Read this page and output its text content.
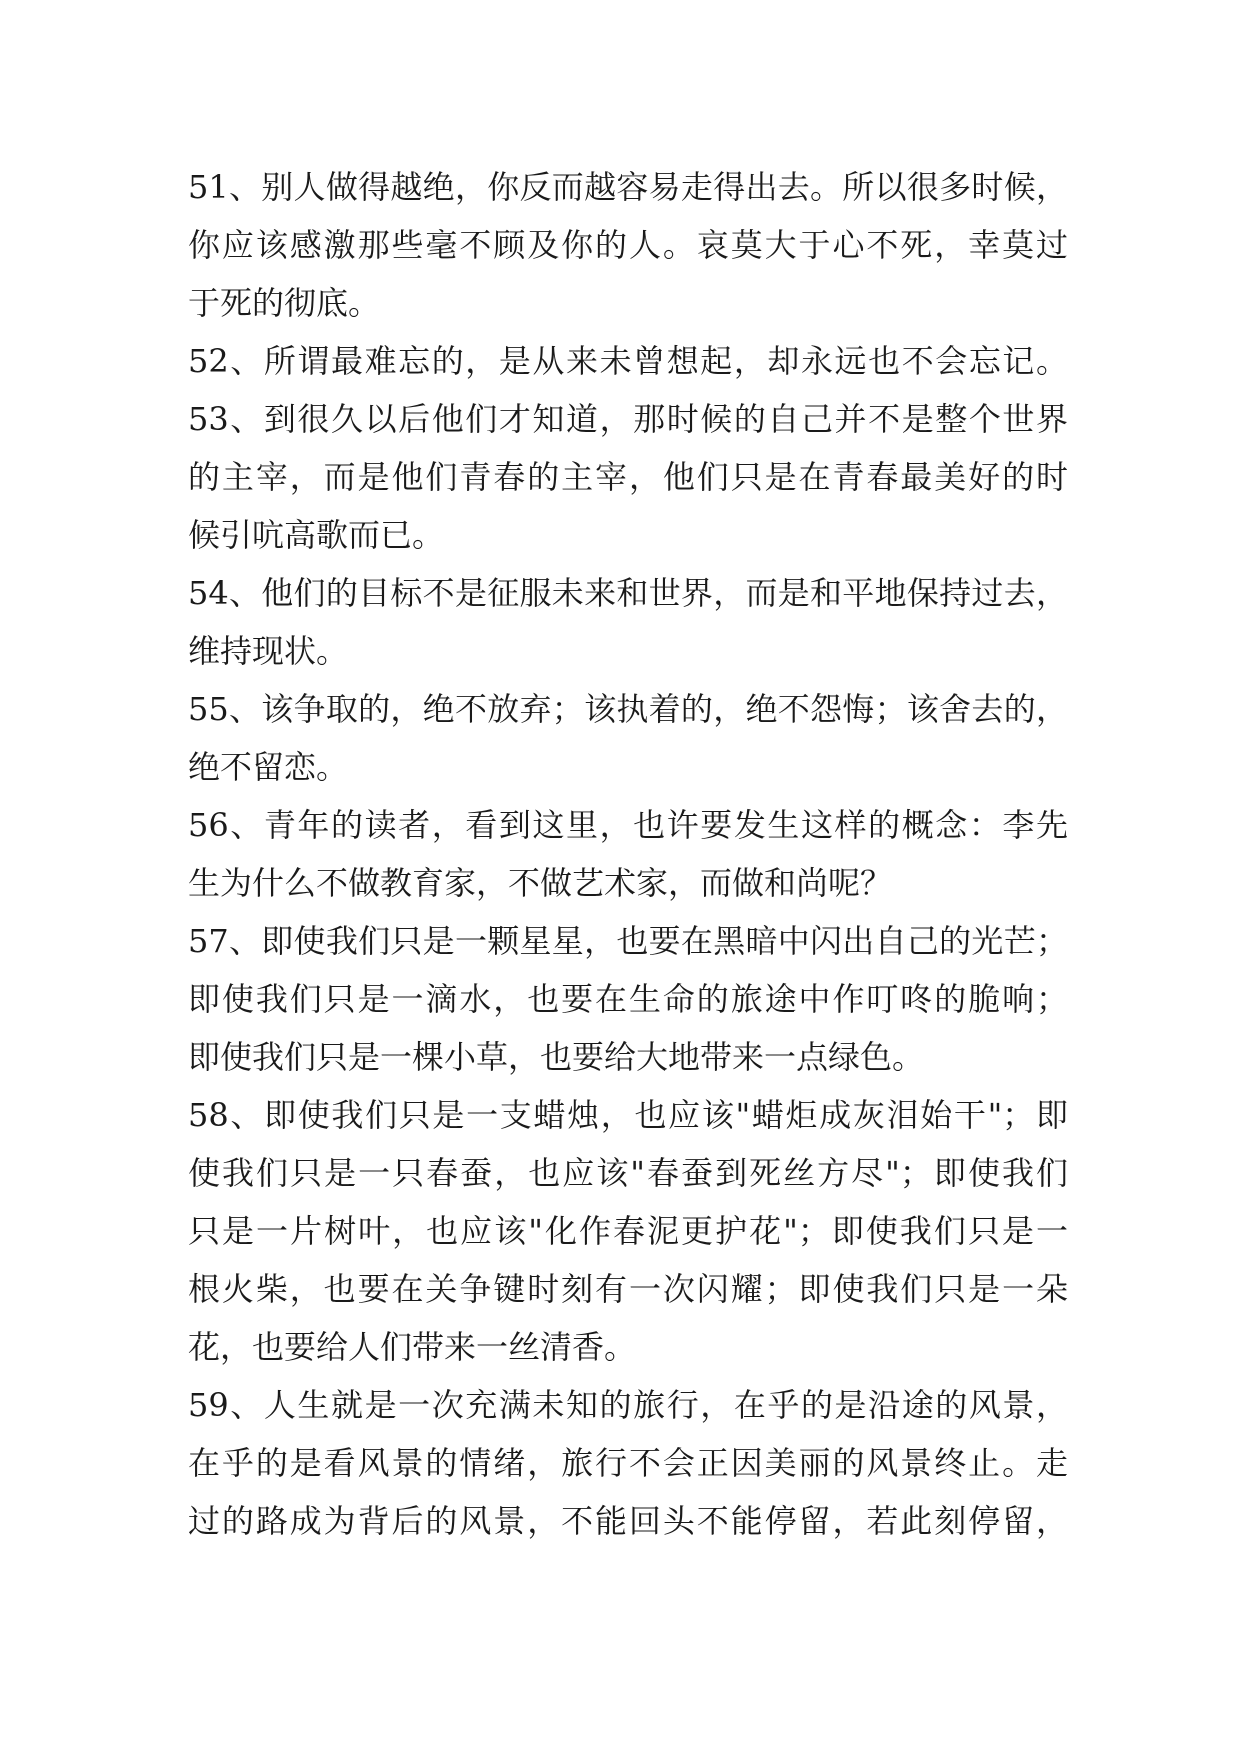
51、别人做得越绝，你反而越容易走得出去。所以很多时候，
你应该感激那些毫不顾及你的人。哀莫大于心不死，幸莫过
于死的彻底。
52、所谓最难忘的，是从来未曾想起，却永远也不会忘记。
53、到很久以后他们才知道，那时候的自己并不是整个世界
的主宰，而是他们青春的主宰，他们只是在青春最美好的时
候引吭高歌而已。
54、他们的目标不是征服未来和世界，而是和平地保持过去，
维持现状。
55、该争取的，绝不放弃；该执着的，绝不怨悔；该舍去的，
绝不留恋。
56、青年的读者，看到这里，也许要发生这样的概念：李先
生为什么不做教育家，不做艺术家，而做和尚呢？
57、即使我们只是一颗星星，也要在黑暗中闪出自己的光芒；
即使我们只是一滴水，也要在生命的旅途中作叮咚的脆响；
即使我们只是一棵小草，也要给大地带来一点绿色。
58、即使我们只是一支蜡烛，也应该"蜡炬成灰泪始干"；即
使我们只是一只春蚕，也应该"春蚕到死丝方尽"；即使我们
只是一片树叶，也应该"化作春泥更护花"；即使我们只是一
根火柴，也要在关争键时刻有一次闪耀；即使我们只是一朵
花，也要给人们带来一丝清香。
59、人生就是一次充满未知的旅行，在乎的是沿途的风景，
在乎的是看风景的情绪，旅行不会正因美丽的风景终止。走
过的路成为背后的风景，不能回头不能停留，若此刻停留，
